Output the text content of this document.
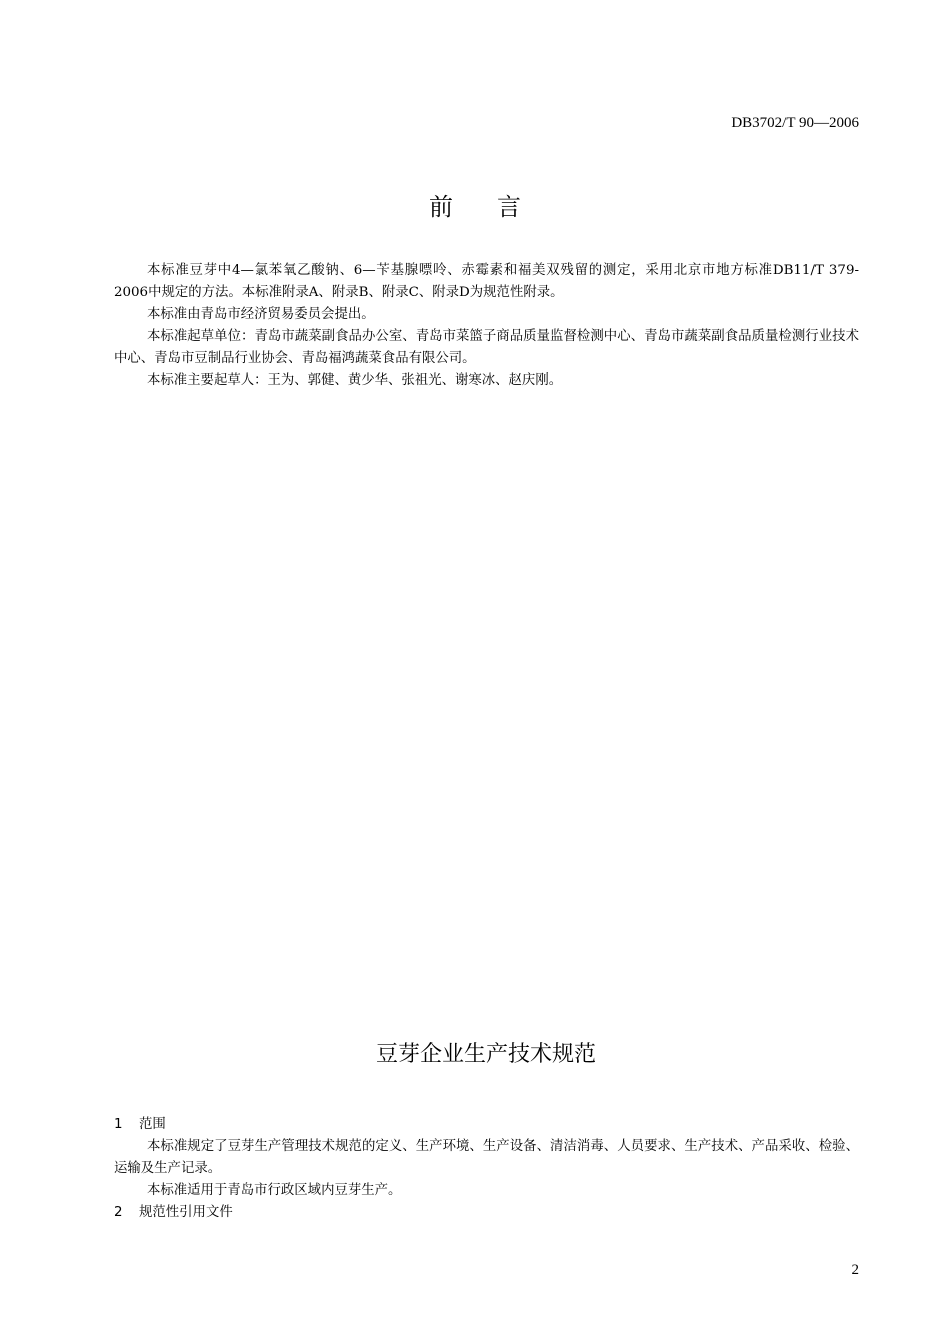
DB3702/T 90—2006
前言

本标准豆芽中4—氯苯氧乙酸钠、6—苄基腺嘌呤、赤霉素和福美双残留的测定，采用北京市地方标准DB11/T 379-2006中规定的方法。本标准附录A、附录B、附录C、附录D为规范性附录。

本标准由青岛市经济贸易委员会提出。

本标准起草单位：青岛市蔬菜副食品办公室、青岛市菜篮子商品质量监督检测中心、青岛市蔬菜副食品质量检测行业技术中心、青岛市豆制品行业协会、青岛福鸿蔬菜食品有限公司。

本标准主要起草人：王为、郭健、黄少华、张祖光、谢寒冰、赵庆刚。

豆芽企业生产技术规范

1 范围

本标准规定了豆芽生产管理技术规范的定义、生产环境、生产设备、清洁消毒、人员要求、生产技术、产品采收、检验、运输及生产记录。

本标准适用于青岛市行政区域内豆芽生产。

2 规范性引用文件

2
